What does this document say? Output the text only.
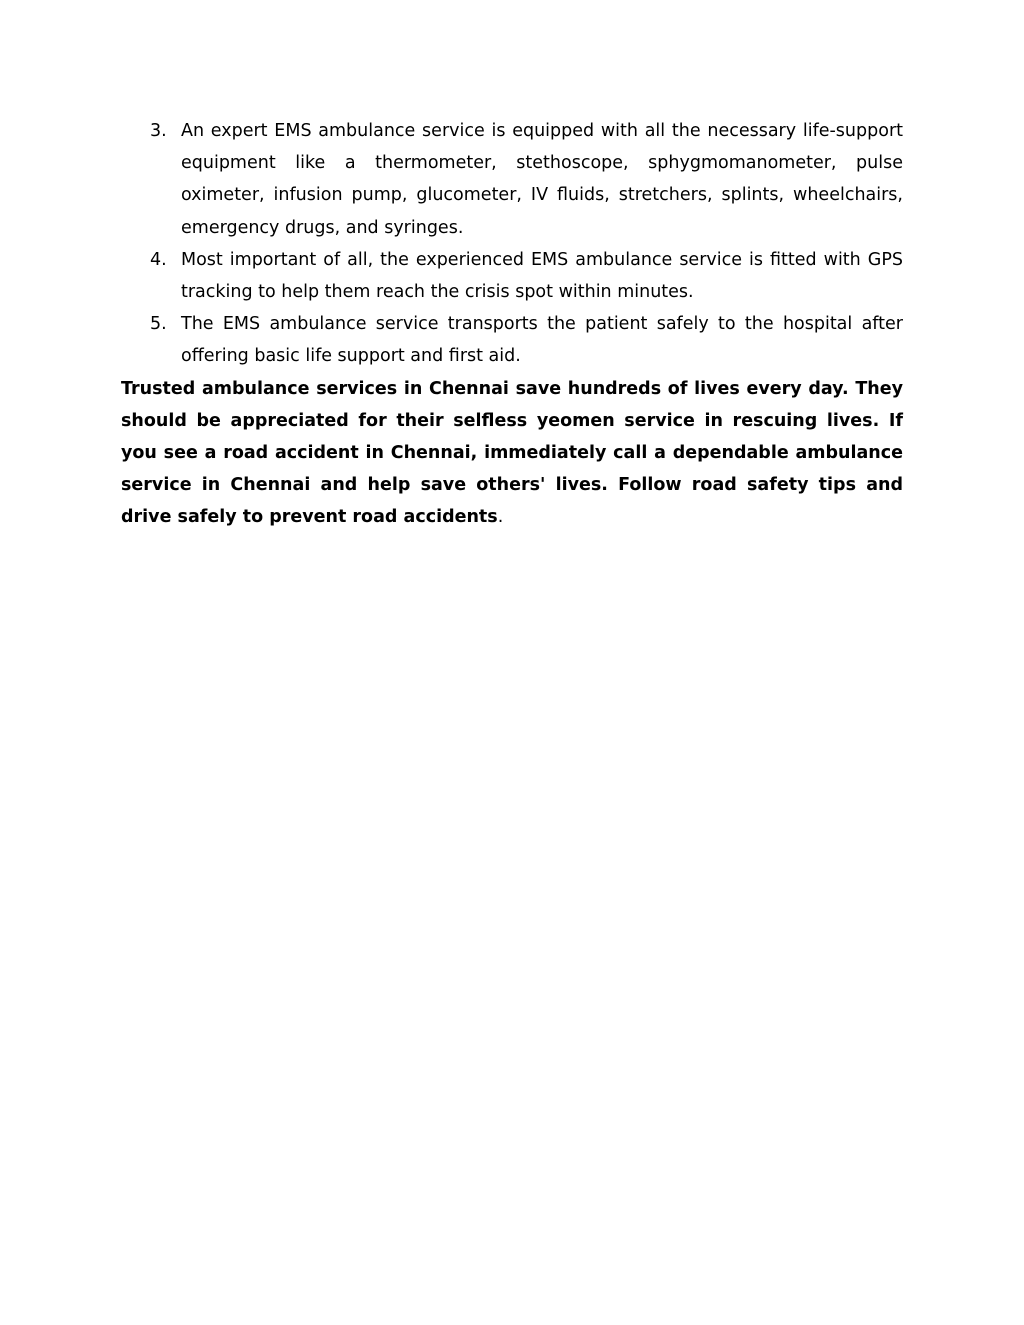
3. An expert EMS ambulance service is equipped with all the necessary life-support equipment like a thermometer, stethoscope, sphygmomanometer, pulse oximeter, infusion pump, glucometer, IV fluids, stretchers, splints, wheelchairs, emergency drugs, and syringes.
4. Most important of all, the experienced EMS ambulance service is fitted with GPS tracking to help them reach the crisis spot within minutes.
5. The EMS ambulance service transports the patient safely to the hospital after offering basic life support and first aid.

Trusted ambulance services in Chennai save hundreds of lives every day. They should be appreciated for their selfless yeomen service in rescuing lives. If you see a road accident in Chennai, immediately call a dependable ambulance service in Chennai and help save others' lives. Follow road safety tips and drive safely to prevent road accidents.
